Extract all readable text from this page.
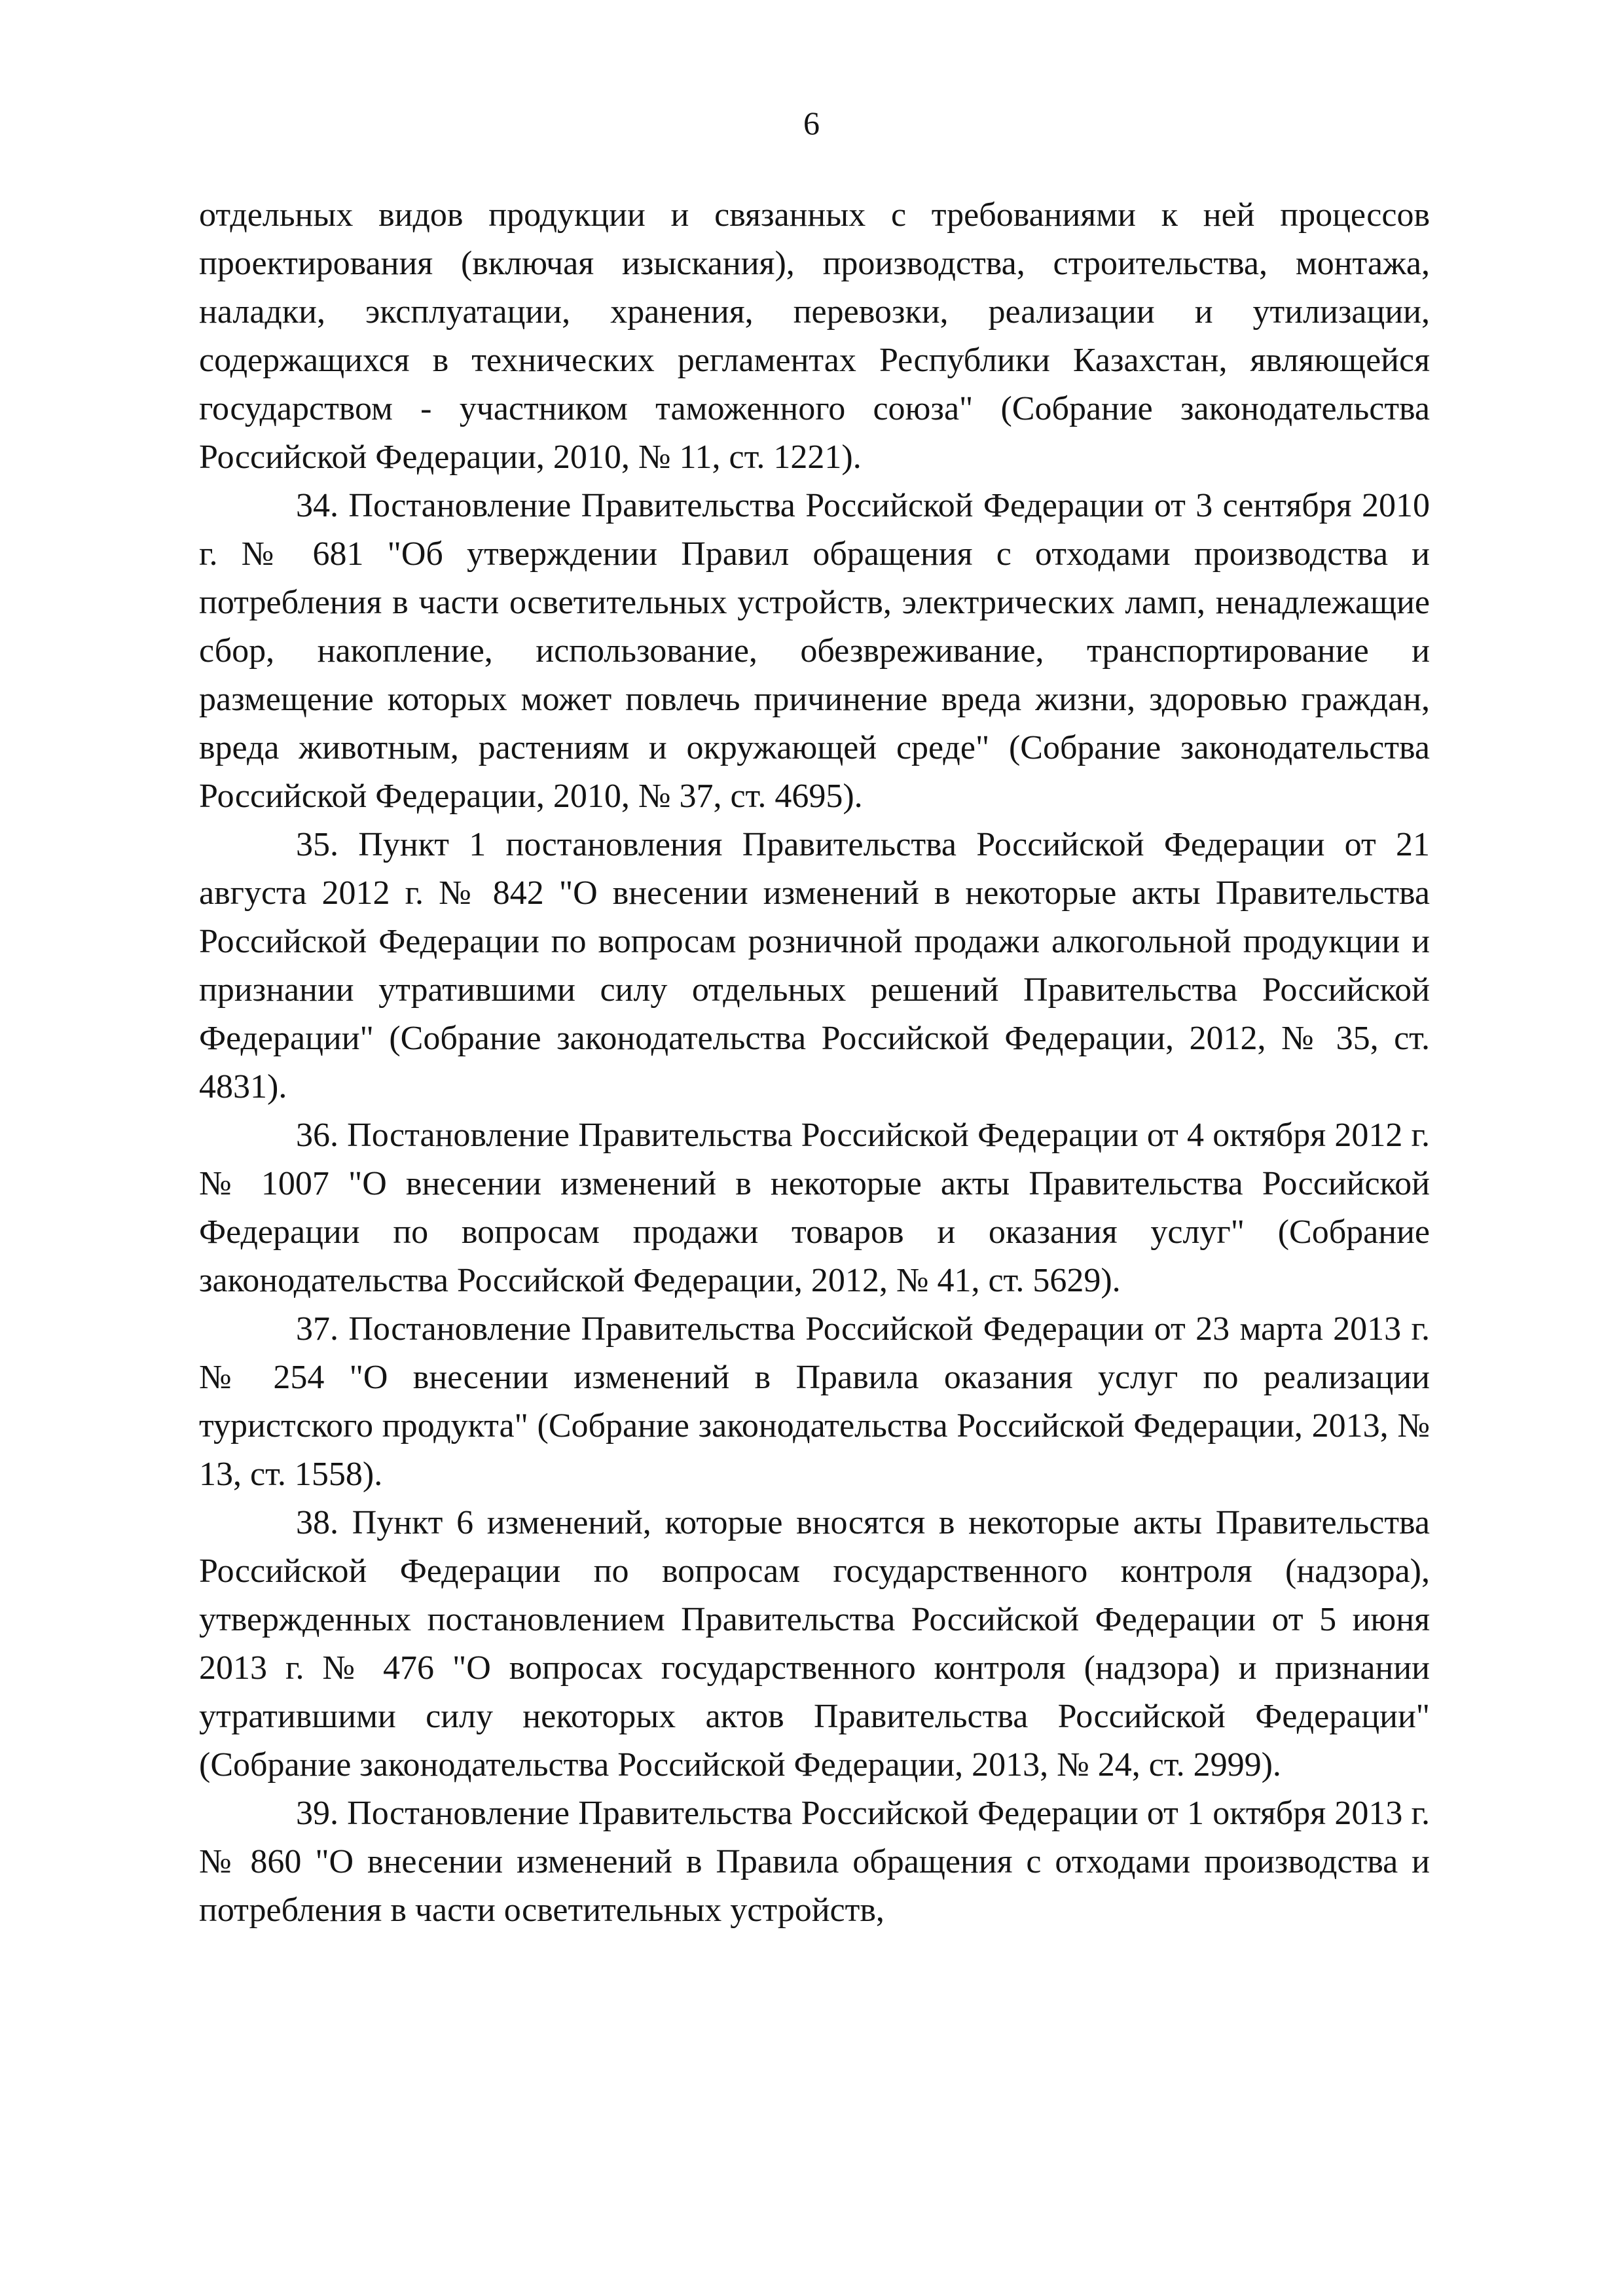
6

отдельных видов продукции и связанных с требованиями к ней процессов проектирования (включая изыскания), производства, строительства, монтажа, наладки, эксплуатации, хранения, перевозки, реализации и утилизации, содержащихся в технических регламентах Республики Казахстан, являющейся государством - участником таможенного союза" (Собрание законодательства Российской Федерации, 2010, № 11, ст. 1221).

34. Постановление Правительства Российской Федерации от 3 сентября 2010 г. № 681 "Об утверждении Правил обращения с отходами производства и потребления в части осветительных устройств, электрических ламп, ненадлежащие сбор, накопление, использование, обезвреживание, транспортирование и размещение которых может повлечь причинение вреда жизни, здоровью граждан, вреда животным, растениям и окружающей среде" (Собрание законодательства Российской Федерации, 2010, № 37, ст. 4695).

35. Пункт 1 постановления Правительства Российской Федерации от 21 августа 2012 г. № 842 "О внесении изменений в некоторые акты Правительства Российской Федерации по вопросам розничной продажи алкогольной продукции и признании утратившими силу отдельных решений Правительства Российской Федерации" (Собрание законодательства Российской Федерации, 2012, № 35, ст. 4831).

36. Постановление Правительства Российской Федерации от 4 октября 2012 г. № 1007 "О внесении изменений в некоторые акты Правительства Российской Федерации по вопросам продажи товаров и оказания услуг" (Собрание законодательства Российской Федерации, 2012, № 41, ст. 5629).

37. Постановление Правительства Российской Федерации от 23 марта 2013 г. № 254 "О внесении изменений в Правила оказания услуг по реализации туристского продукта" (Собрание законодательства Российской Федерации, 2013, № 13, ст. 1558).

38. Пункт 6 изменений, которые вносятся в некоторые акты Правительства Российской Федерации по вопросам государственного контроля (надзора), утвержденных постановлением Правительства Российской Федерации от 5 июня 2013 г. № 476 "О вопросах государственного контроля (надзора) и признании утратившими силу некоторых актов Правительства Российской Федерации" (Собрание законодательства Российской Федерации, 2013, № 24, ст. 2999).

39. Постановление Правительства Российской Федерации от 1 октября 2013 г. № 860 "О внесении изменений в Правила обращения с отходами производства и потребления в части осветительных устройств,
